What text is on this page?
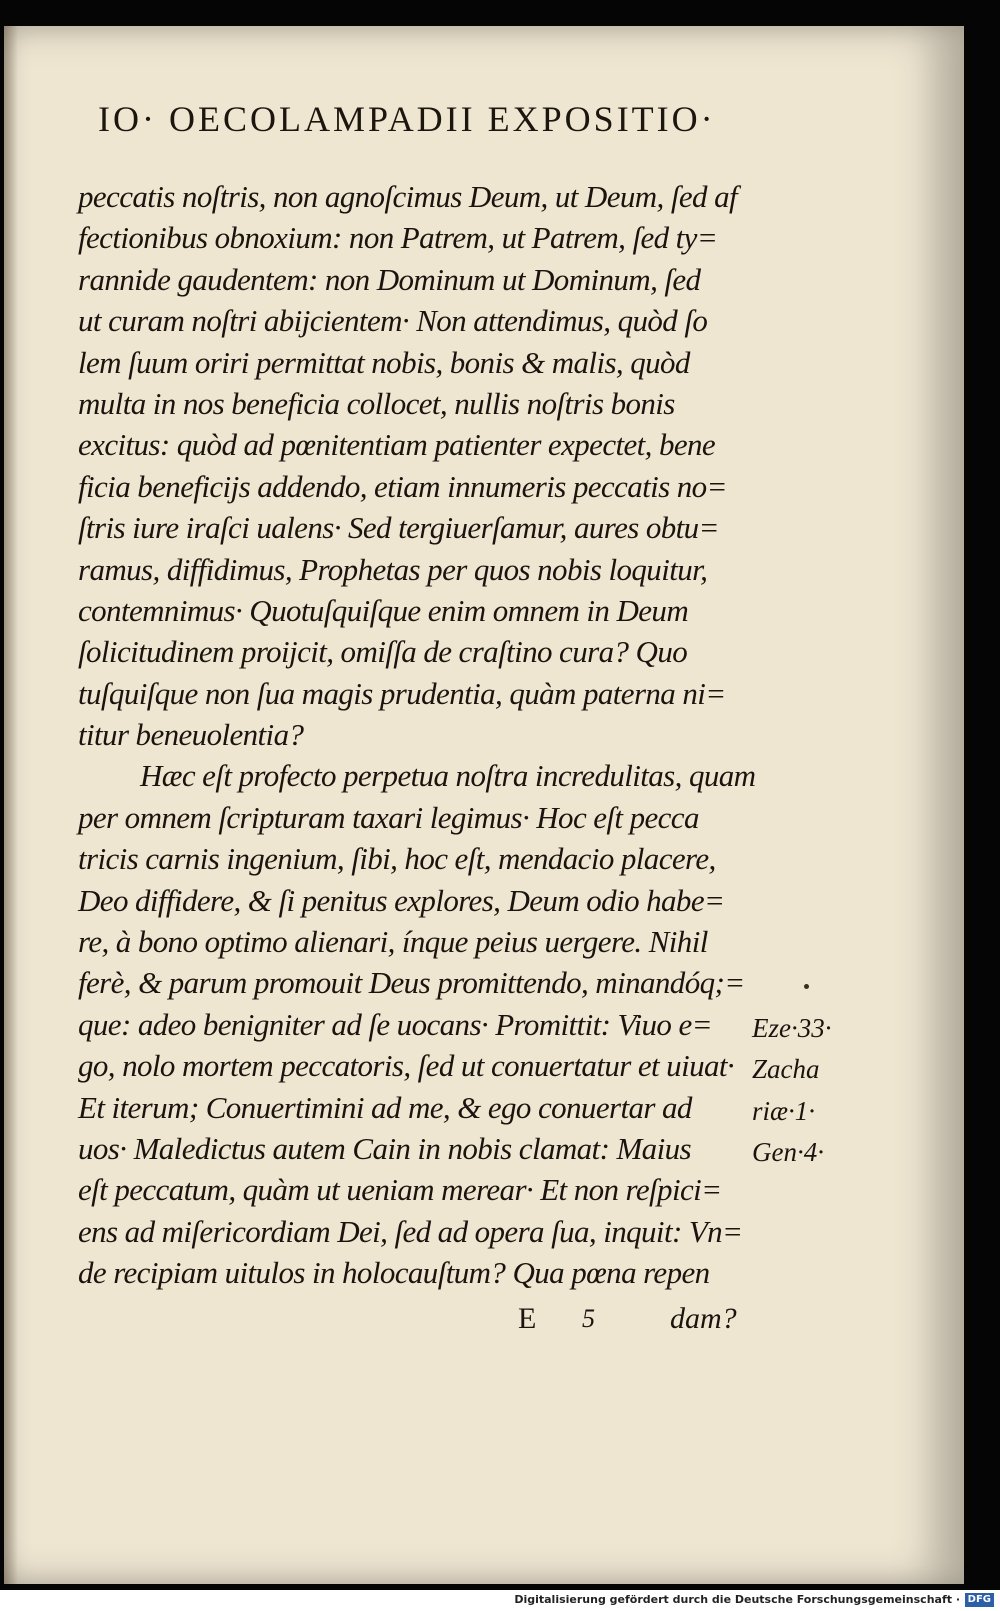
IO· OECOLAMPADII EXPOSITIO·
peccatis noſtris, non agnoſcimus Deum, ut Deum, ſed af
fectionibus obnoxium: non Patrem, ut Patrem, ſed ty=
rannide gaudentem: non Dominum ut Dominum, ſed
ut curam noſtri abijcientem· Non attendimus, quòd ſo
lem ſuum oriri permittat nobis, bonis & malis, quòd
multa in nos beneficia collocet, nullis noſtris bonis
excitus: quòd ad pœnitentiam patienter expectet, bene
ficia beneficijs addendo, etiam innumeris peccatis no=
ſtris iure iraſci ualens· Sed tergiuerſamur, aures obtu=
ramus, diffidimus, Prophetas per quos nobis loquitur,
contemnimus· Quotuſquiſque enim omnem in Deum
ſolicitudinem proijcit, omiſſa de craſtino cura? Quo
tuſquiſque non ſua magis prudentia, quàm paterna ni=
titur beneuolentia?
Hæc eſt profecto perpetua noſtra incredulitas, quam
per omnem ſcripturam taxari legimus· Hoc eſt pecca
tricis carnis ingenium, ſibi, hoc eſt, mendacio placere,
Deo diffidere, & ſi penitus explores, Deum odio habe=
re, à bono optimo alienari, ínque peius uergere. Nihil
ferè, & parum promouit Deus promittendo, minandóq;=
que: adeo benigniter ad ſe uocans· Promittit: Viuo e=
go, nolo mortem peccatoris, ſed ut conuertatur et uiuat·
Et iterum; Conuertimini ad me, & ego conuertar ad
uos· Maledictus autem Cain in nobis clamat: Maius
eſt peccatum, quàm ut ueniam merear· Et non reſpici=
ens ad miſericordiam Dei, ſed ad opera ſua, inquit: Vn=
de recipiam uitulos in holocauſtum? Qua pœna repen
Eze·33·
Zacha
riæ·1·
Gen·4·
E 5	dam?
Digitalisierung gefördert durch die Deutsche Forschungsgemeinschaft · DFG
